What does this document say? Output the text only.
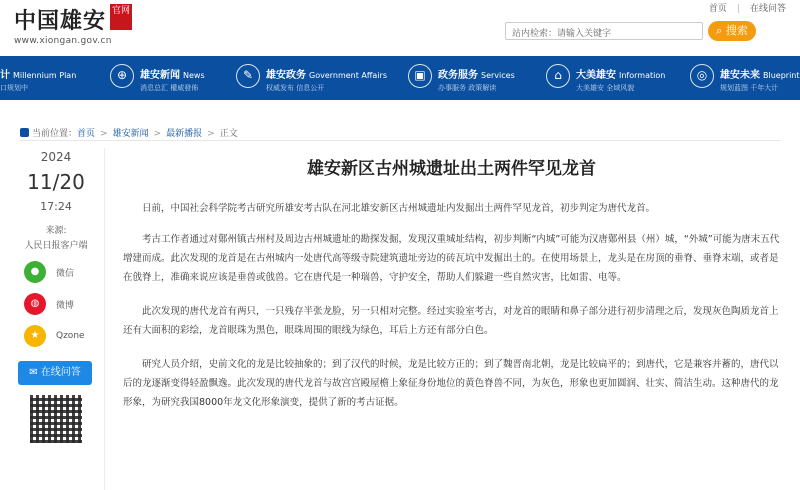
中国雄安 官网
www.xiongan.gov.cn
首页 | 在线问答
站内检索：请输入关键字	⌕ 搜索
计 Millennium Plan
口规划中
⊕	雄安新闻 News
消息总汇 權威發佈
✎	雄安政务 Government Affairs
权威发布 信息公开
▣	政务服务 Services
办事服务 政策解读
⌂	大美雄安 Information
大美雄安 全域风貌
◎	雄安未来 Blueprint
规划蓝图 千年大计
当前位置：首页 > 雄安新闻 > 最新播报 > 正文
2024
11/20
17:24
来源:
人民日报客户端
●	微信
◍	微博
★	Qzone
✉ 在线问答
雄安新区古州城遗址出土两件罕见龙首

日前，中国社会科学院考古研究所雄安考古队在河北雄安新区古州城遗址内发掘出土两件罕见龙首，初步判定为唐代龙首。

考古工作者通过对鄚州镇古州村及周边古州城遗址的勘探发掘，发现汉重城址结构，初步判断“内城”可能为汉唐鄚州县（州）城，“外城”可能为唐末五代增建而成。此次发现的龙首是在古州城内一处唐代高等级寺院建筑遗址旁边的砖瓦坑中发掘出土的。在使用场景上，龙头是在房顶的垂脊、垂脊末端，或者是在戗脊上，准确来说应该是垂兽或戗兽。它在唐代是一种瑞兽，守护安全，帮助人们躲避一些自然灾害，比如雷、电等。

此次发现的唐代龙首有两只，一只残存半张龙脸，另一只相对完整。经过实验室考古，对龙首的眼睛和鼻子部分进行初步清理之后，发现灰色陶质龙首上还有大面积的彩绘，龙首眼珠为黑色，眼珠周围的眼线为绿色，耳后上方还有部分白色。

研究人员介绍，史前文化的龙是比较抽象的；到了汉代的时候，龙是比较方正的；到了魏晋南北朝，龙是比较扁平的；到唐代，它是兼容并蓄的，唐代以后的龙逐渐变得轻盈飘逸。此次发现的唐代龙首与故宫宫殿屋檐上象征身份地位的黄色脊兽不同，为灰色，形象也更加圆润、壮实、简洁生动。这种唐代的龙形象，为研究我国8000年龙文化形象演变，提供了新的考古证据。
